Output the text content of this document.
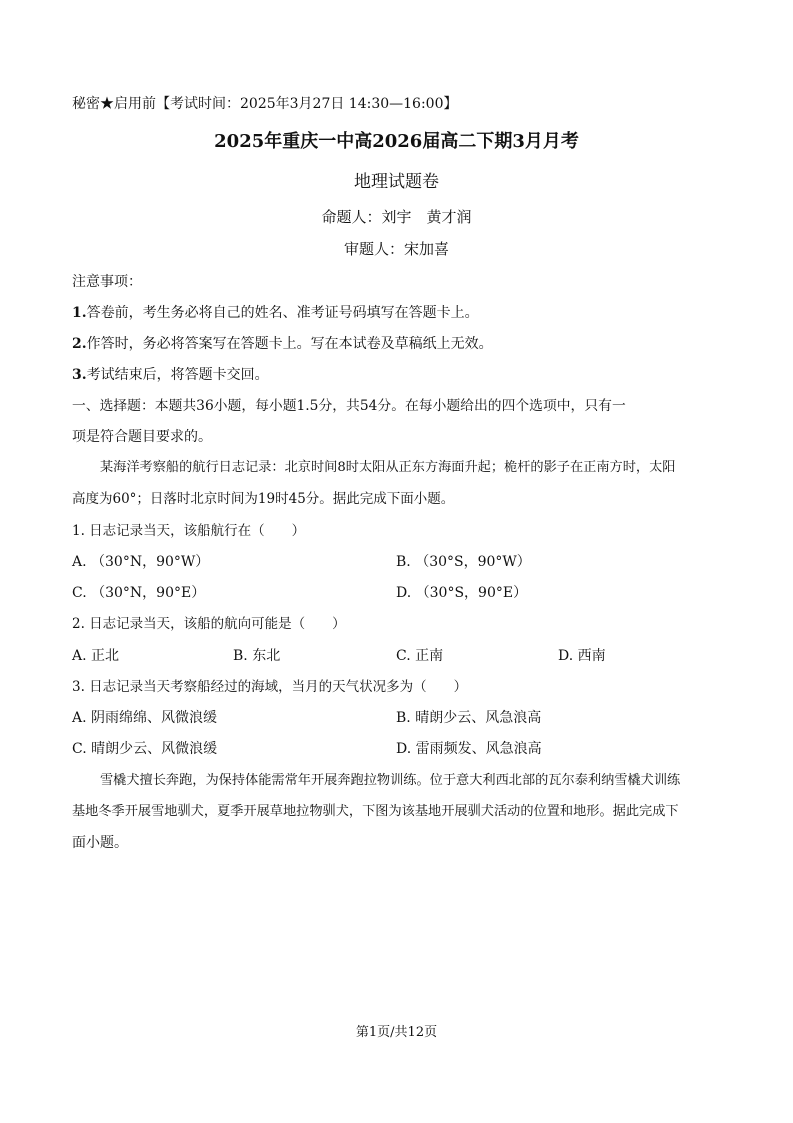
秘密★启用前【考试时间：2025年3月27日 14:30—16:00】
2025年重庆一中高2026届高二下期3月月考
地理试题卷
命题人：刘宇　黄才润
审题人：宋加喜
注意事项：
1.答卷前，考生务必将自己的姓名、准考证号码填写在答题卡上。
2.作答时，务必将答案写在答题卡上。写在本试卷及草稿纸上无效。
3.考试结束后，将答题卡交回。
一、选择题：本题共36小题，每小题1.5分，共54分。在每小题给出的四个选项中，只有一
项是符合题目要求的。
某海洋考察船的航行日志记录：北京时间8时太阳从正东方海面升起；桅杆的影子在正南方时，太阳
高度为60°；日落时北京时间为19时45分。据此完成下面小题。
1. 日志记录当天，该船航行在（　　）
A. （30°N，90°W）	B. （30°S，90°W）
C. （30°N，90°E）	D. （30°S，90°E）
2. 日志记录当天，该船的航向可能是（　　）
A. 正北	B. 东北	C. 正南	D. 西南
3. 日志记录当天考察船经过的海域，当月的天气状况多为（　　）
A. 阴雨绵绵、风微浪缓	B. 晴朗少云、风急浪高
C. 晴朗少云、风微浪缓	D. 雷雨频发、风急浪高
雪橇犬擅长奔跑，为保持体能需常年开展奔跑拉物训练。位于意大利西北部的瓦尔泰利纳雪橇犬训练
基地冬季开展雪地驯犬，夏季开展草地拉物驯犬，下图为该基地开展驯犬活动的位置和地形。据此完成下
面小题。
第1页/共12页
